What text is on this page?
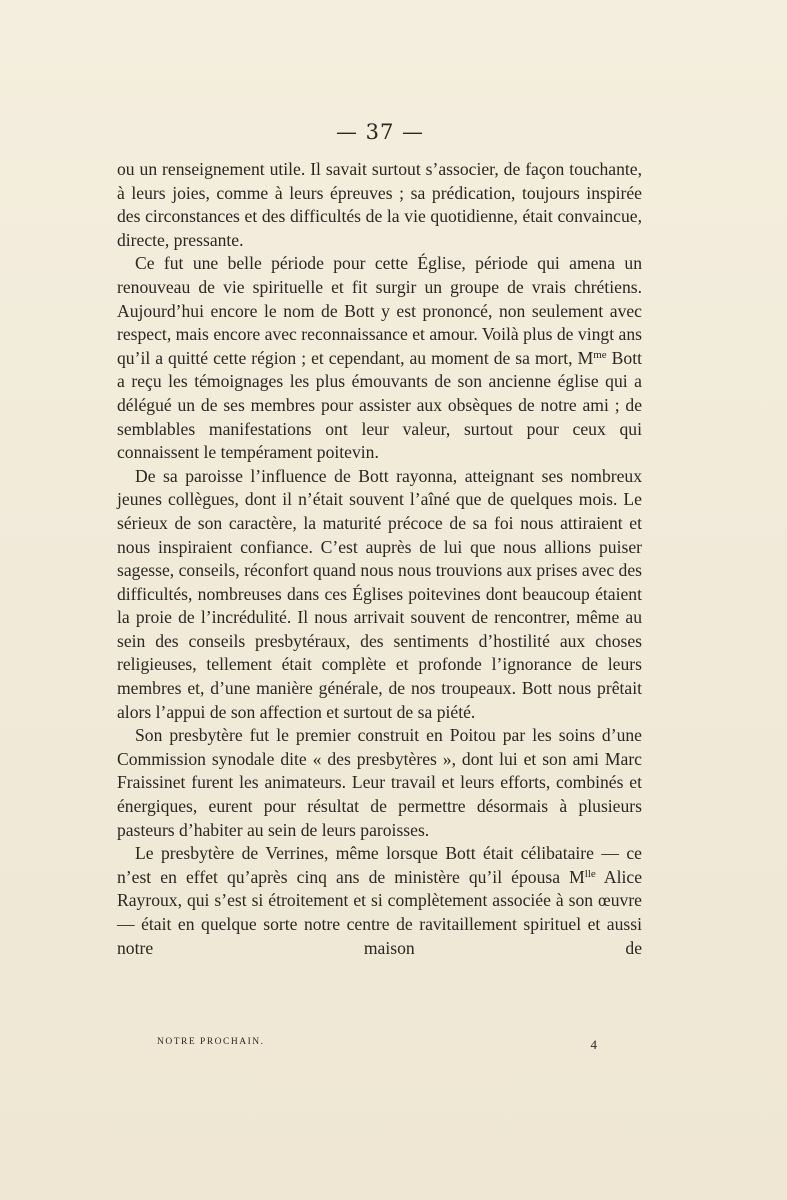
— 37 —

ou un renseignement utile. Il savait surtout s’associer, de façon touchante, à leurs joies, comme à leurs épreuves ; sa prédication, toujours inspirée des circonstances et des difficultés de la vie quotidienne, était convaincue, directe, pressante.

Ce fut une belle période pour cette Église, période qui amena un renouveau de vie spirituelle et fit surgir un groupe de vrais chrétiens. Aujourd’hui encore le nom de Bott y est prononcé, non seulement avec respect, mais encore avec reconnaissance et amour. Voilà plus de vingt ans qu’il a quitté cette région ; et cependant, au moment de sa mort, $M^{me}$ Bott a reçu les témoignages les plus émouvants de son ancienne église qui a délégué un de ses membres pour assister aux obsèques de notre ami ; de semblables manifestations ont leur valeur, surtout pour ceux qui connaissent le tempérament poitevin.

De sa paroisse l’influence de Bott rayonna, atteignant ses nombreux jeunes collègues, dont il n’était souvent l’aîné que de quelques mois. Le sérieux de son caractère, la maturité précoce de sa foi nous attiraient et nous inspiraient confiance. C’est auprès de lui que nous allions puiser sagesse, conseils, réconfort quand nous nous trouvions aux prises avec des difficultés, nombreuses dans ces Églises poitevines dont beaucoup étaient la proie de l’incrédulité. Il nous arrivait souvent de rencontrer, même au sein des conseils presbytéraux, des sentiments d’hostilité aux choses religieuses, tellement était complète et profonde l’ignorance de leurs membres et, d’une manière générale, de nos troupeaux. Bott nous prêtait alors l’appui de son affection et surtout de sa piété.

Son presbytère fut le premier construit en Poitou par les soins d’une Commission synodale dite « des presbytères », dont lui et son ami Marc Fraissinet furent les animateurs. Leur travail et leurs efforts, combinés et énergiques, eurent pour résultat de permettre désormais à plusieurs pasteurs d’habiter au sein de leurs paroisses.

Le presbytère de Verrines, même lorsque Bott était célibataire — ce n’est en effet qu’après cinq ans de ministère qu’il épousa $M^{lle}$ Alice Rayroux, qui s’est si étroitement et si complètement associée à son œuvre — était en quelque sorte notre centre de ravitaillement spirituel et aussi notre maison de

NOTRE PROCHAIN.	4
